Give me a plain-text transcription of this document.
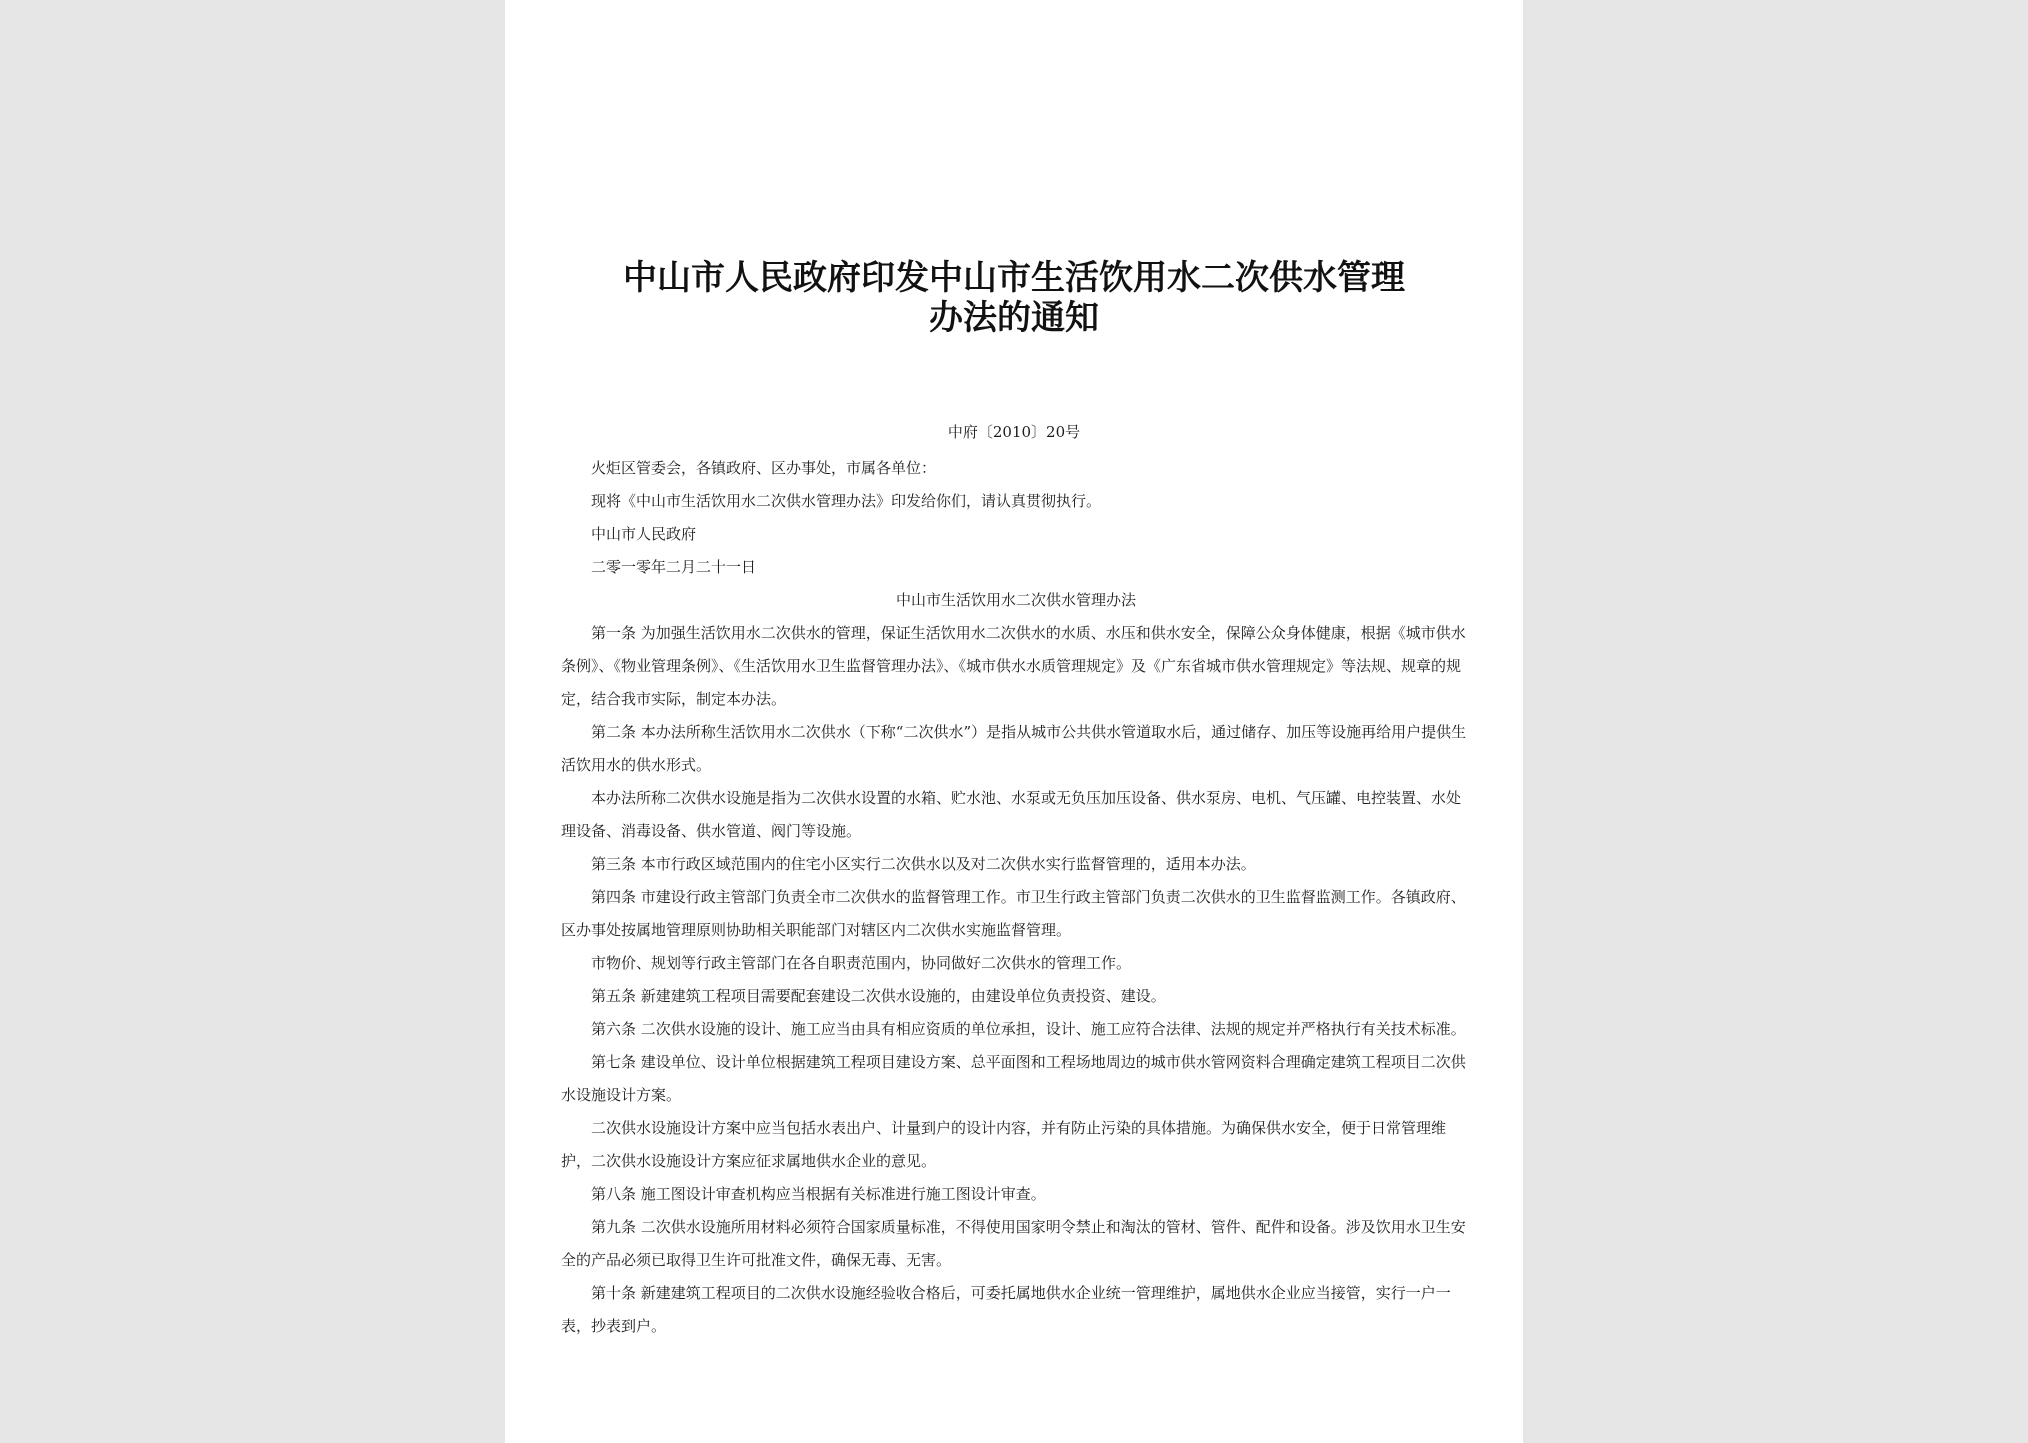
中山市人民政府印发中山市生活饮用水二次供水管理
办法的通知
中府〔2010〕20号

火炬区管委会，各镇政府、区办事处，市属各单位：

现将《中山市生活饮用水二次供水管理办法》印发给你们，请认真贯彻执行。

中山市人民政府

二零一零年二月二十一日

中山市生活饮用水二次供水管理办法

第一条 为加强生活饮用水二次供水的管理，保证生活饮用水二次供水的水质、水压和供水安全，保障公众身体健康，根据《城市供水条例》、《物业管理条例》、《生活饮用水卫生监督管理办法》、《城市供水水质管理规定》及《广东省城市供水管理规定》等法规、规章的规定，结合我市实际，制定本办法。

第二条 本办法所称生活饮用水二次供水（下称“二次供水”）是指从城市公共供水管道取水后，通过储存、加压等设施再给用户提供生活饮用水的供水形式。

本办法所称二次供水设施是指为二次供水设置的水箱、贮水池、水泵或无负压加压设备、供水泵房、电机、气压罐、电控装置、水处理设备、消毒设备、供水管道、阀门等设施。

第三条 本市行政区域范围内的住宅小区实行二次供水以及对二次供水实行监督管理的，适用本办法。

第四条 市建设行政主管部门负责全市二次供水的监督管理工作。市卫生行政主管部门负责二次供水的卫生监督监测工作。各镇政府、区办事处按属地管理原则协助相关职能部门对辖区内二次供水实施监督管理。

市物价、规划等行政主管部门在各自职责范围内，协同做好二次供水的管理工作。

第五条 新建建筑工程项目需要配套建设二次供水设施的，由建设单位负责投资、建设。

第六条 二次供水设施的设计、施工应当由具有相应资质的单位承担，设计、施工应符合法律、法规的规定并严格执行有关技术标准。

第七条 建设单位、设计单位根据建筑工程项目建设方案、总平面图和工程场地周边的城市供水管网资料合理确定建筑工程项目二次供水设施设计方案。

二次供水设施设计方案中应当包括水表出户、计量到户的设计内容，并有防止污染的具体措施。为确保供水安全，便于日常管理维护，二次供水设施设计方案应征求属地供水企业的意见。

第八条 施工图设计审查机构应当根据有关标准进行施工图设计审查。

第九条 二次供水设施所用材料必须符合国家质量标准，不得使用国家明令禁止和淘汰的管材、管件、配件和设备。涉及饮用水卫生安全的产品必须已取得卫生许可批准文件，确保无毒、无害。

第十条 新建建筑工程项目的二次供水设施经验收合格后，可委托属地供水企业统一管理维护，属地供水企业应当接管，实行一户一表，抄表到户。
